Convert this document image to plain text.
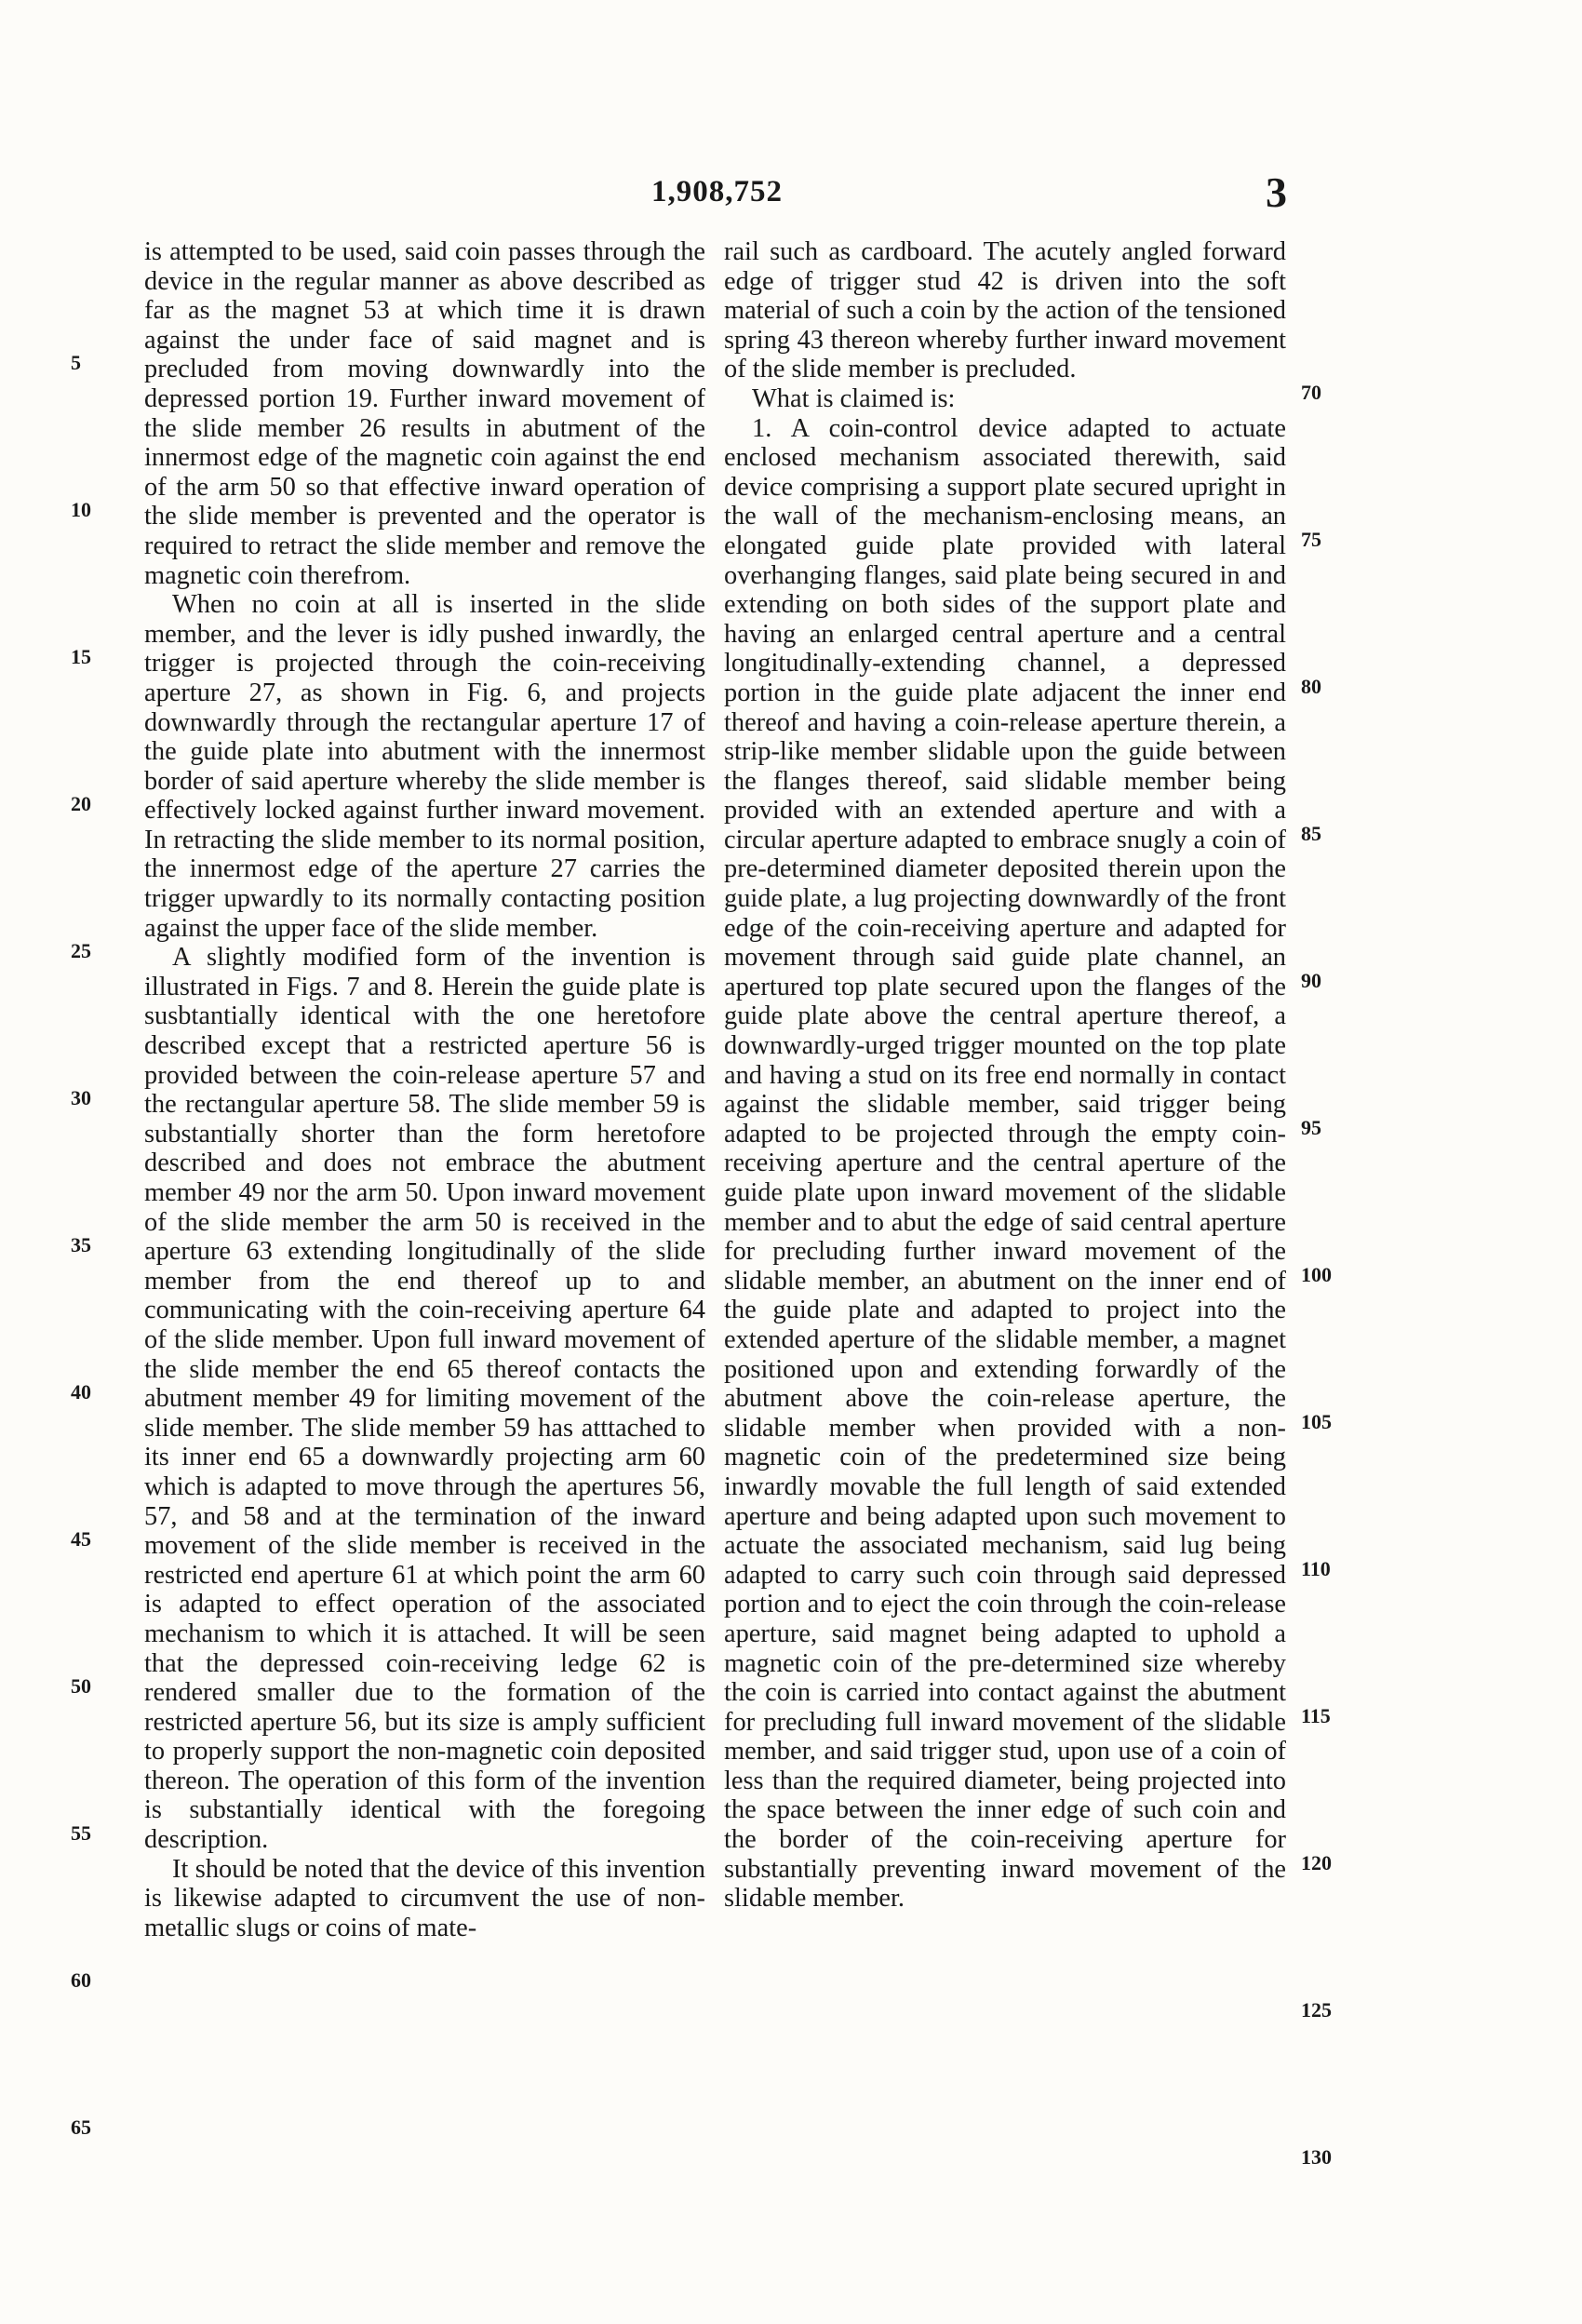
1,908,752	3

is attempted to be used, said coin passes through the device in the regular manner as above described as far as the magnet 53 at which time it is drawn against the under face of said magnet and is precluded from moving downwardly into the depressed portion 19. Further inward movement of the slide member 26 results in abutment of the innermost edge of the magnetic coin against the end of the arm 50 so that effective inward operation of the slide member is prevented and the operator is required to retract the slide member and remove the magnetic coin therefrom.

When no coin at all is inserted in the slide member, and the lever is idly pushed inwardly, the trigger is projected through the coin-receiving aperture 27, as shown in Fig. 6, and projects downwardly through the rectangular aperture 17 of the guide plate into abutment with the innermost border of said aperture whereby the slide member is effectively locked against further inward movement. In retracting the slide member to its normal position, the innermost edge of the aperture 27 carries the trigger upwardly to its normally contacting position against the upper face of the slide member.

A slightly modified form of the invention is illustrated in Figs. 7 and 8. Herein the guide plate is susbtantially identical with the one heretofore described except that a restricted aperture 56 is provided between the coin-release aperture 57 and the rectangular aperture 58. The slide member 59 is substantially shorter than the form heretofore described and does not embrace the abutment member 49 nor the arm 50. Upon inward movement of the slide member the arm 50 is received in the aperture 63 extending longitudinally of the slide member from the end thereof up to and communicating with the coin-receiving aperture 64 of the slide member. Upon full inward movement of the slide member the end 65 thereof contacts the abutment member 49 for limiting movement of the slide member. The slide member 59 has atttached to its inner end 65 a downwardly projecting arm 60 which is adapted to move through the apertures 56, 57, and 58 and at the termination of the inward movement of the slide member is received in the restricted end aperture 61 at which point the arm 60 is adapted to effect operation of the associated mechanism to which it is attached. It will be seen that the depressed coin-receiving ledge 62 is rendered smaller due to the formation of the restricted aperture 56, but its size is amply sufficient to properly support the non-magnetic coin deposited thereon. The operation of this form of the invention is substantially identical with the foregoing description.

It should be noted that the device of this invention is likewise adapted to circumvent the use of non-metallic slugs or coins of mate-

rail such as cardboard. The acutely angled forward edge of trigger stud 42 is driven into the soft material of such a coin by the action of the tensioned spring 43 thereon whereby further inward movement of the slide member is precluded.

What is claimed is:

1. A coin-control device adapted to actuate enclosed mechanism associated therewith, said device comprising a support plate secured upright in the wall of the mechanism-enclosing means, an elongated guide plate provided with lateral overhanging flanges, said plate being secured in and extending on both sides of the support plate and having an enlarged central aperture and a central longitudinally-extending channel, a depressed portion in the guide plate adjacent the inner end thereof and having a coin-release aperture therein, a strip-like member slidable upon the guide between the flanges thereof, said slidable member being provided with an extended aperture and with a circular aperture adapted to embrace snugly a coin of pre-determined diameter deposited therein upon the guide plate, a lug projecting downwardly of the front edge of the coin-receiving aperture and adapted for movement through said guide plate channel, an apertured top plate secured upon the flanges of the guide plate above the central aperture thereof, a downwardly-urged trigger mounted on the top plate and having a stud on its free end normally in contact against the slidable member, said trigger being adapted to be projected through the empty coin-receiving aperture and the central aperture of the guide plate upon inward movement of the slidable member and to abut the edge of said central aperture for precluding further inward movement of the slidable member, an abutment on the inner end of the guide plate and adapted to project into the extended aperture of the slidable member, a magnet positioned upon and extending forwardly of the abutment above the coin-release aperture, the slidable member when provided with a non-magnetic coin of the predetermined size being inwardly movable the full length of said extended aperture and being adapted upon such movement to actuate the associated mechanism, said lug being adapted to carry such coin through said depressed portion and to eject the coin through the coin-release aperture, said magnet being adapted to uphold a magnetic coin of the pre-determined size whereby the coin is carried into contact against the abutment for precluding full inward movement of the slidable member, and said trigger stud, upon use of a coin of less than the required diameter, being projected into the space between the inner edge of such coin and the border of the coin-receiving aperture for substantially preventing inward movement of the slidable member.

5
10
15
20
25
30
35
40
45
50
55
60
65
70
75
80
85
90
95
100
105
110
115
120
125
130
